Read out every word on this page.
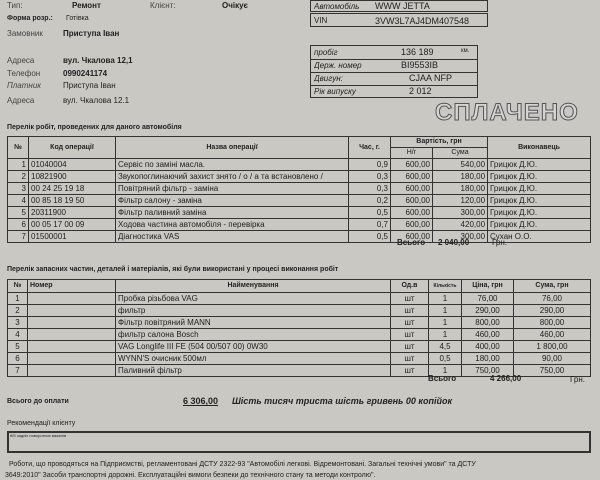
Тип:	Ремонт	Клієнт:	Очікує
Форма розр.: Готівка
Замовник	Приступа Іван
Адреса	вул. Чкалова 12,1
Телефон	0990241174
Платник	Приступа Іван
Адреса	вул. Чкалова 12.1
Автомобіль WWW JETTA
VIN	3VW3L7AJ4DM407548
пробіг	136 189	км.
Держ. номер	BI9553IB
Двигун:	CJAA NFP
Рік випуску	2 012
СПЛАЧЕНО
Перелік робіт, проведених для даного автомобіля
№	Код операції	Назва операції	Час, г.	Вартість, грн		Виконавець
				Н/г	Сума	
1	01040004	Сервіс по заміні масла.	0,9	600,00	540,00	Грицюк Д.Ю.
2	10821900	Звукопоглинаючий захист знято / о / а та встановлено /	0,3	600,00	180,00	Грицюк Д.Ю.
3	00 24 25 19 18	Повітряний фільтр - заміна	0,3	600,00	180,00	Грицюк Д.Ю.
4	00 85 18 19 50	Фільтр салону - заміна	0,2	600,00	120,00	Грицюк Д.Ю.
5	20311900	Фільтр паливний заміна	0,5	600,00	300,00	Грицюк Д.Ю.
6	00 05 17 00 09	Ходова частина автомобіля - перевірка	0,7	600,00	420,00	Грицюк Д.Ю.
7	01500001	Діагностика VAS	0,5	600,00	300,00	Сухан О.О.
Всього 2 040,00	Грн.
Перелік запасних частин, деталей і матеріалів, які були використані у процесі виконання робіт
№	Номер	Найменування	Од.в	Кількість	Ціна, грн	Сума, грн
1		Пробка різьбова VAG	шт	1	76,00	76,00
2		фильтр	шт	1	290,00	290,00
3		Фільтр повітряний MANN	шт	1	800,00	800,00
4		фильтр салона Bosch	шт	1	460,00	460,00
5		VAG Longlife III FE (504 00/507 00) 0W30	шт	4,5	400,00	1 800,00
6		WYNN'S очисник 500мл	шт	0,5	180,00	90,00
7		Паливний фільтр	шт	1	750,00	750,00
Всього	4 266,00	Грн.
Всього до оплати	6 306,00 Шість тисяч триста шість гривень 00 копійок
Рекомендації клієнту
б/б задніх поворотних важелів
Роботи, що проводяться на Підприємстві, регламентовані ДСТУ 2322-93 "Автомобілі легкові. Відремонтовані. Загальні технічні умови" та ДСТУ
3649:2010" Засоби транспортні дорожні. Експлуатаційні вимоги безпеки до технічного стану та методи контролю".
